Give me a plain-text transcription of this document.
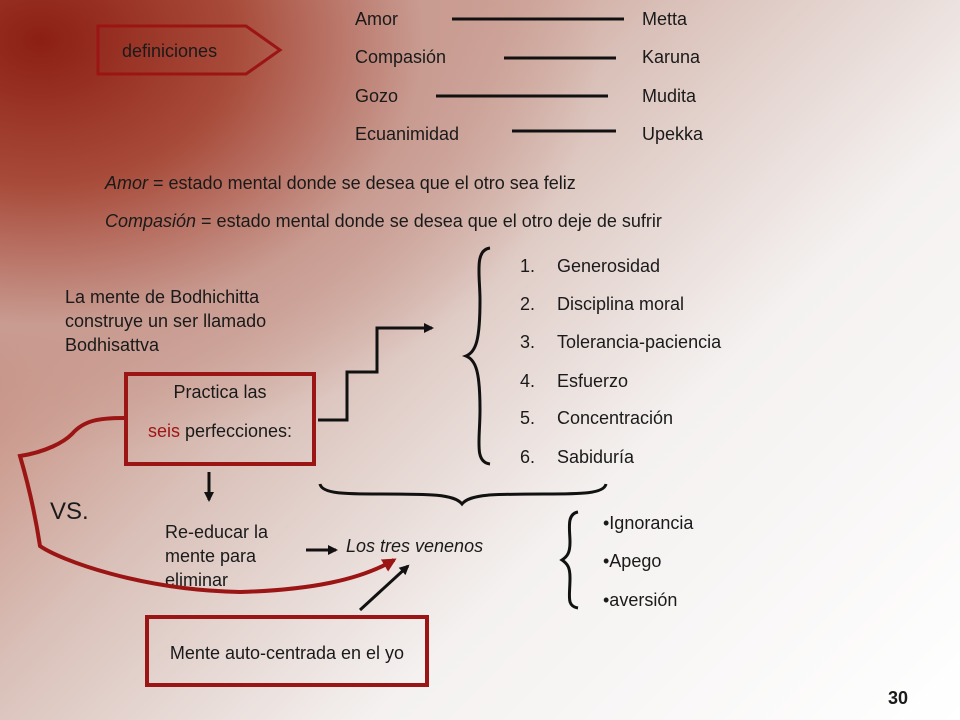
definiciones
Amor	Metta
Compasión	Karuna
Gozo	Mudita
Ecuanimidad	Upekka
Amor = estado mental donde se desea que el otro sea feliz
Compasión = estado mental donde se desea que el otro deje de sufrir
La mente de Bodhichitta
construye un ser llamado
Bodhisattva
Practica las
seis perfecciones:
1. Generosidad
2. Disciplina moral
3. Tolerancia-paciencia
4. Esfuerzo
5. Concentración
6. Sabiduría
VS.
Re-educar la
mente para
eliminar
Los tres venenos
•Ignorancia
•Apego
•aversión
Mente auto-centrada en el yo
30
